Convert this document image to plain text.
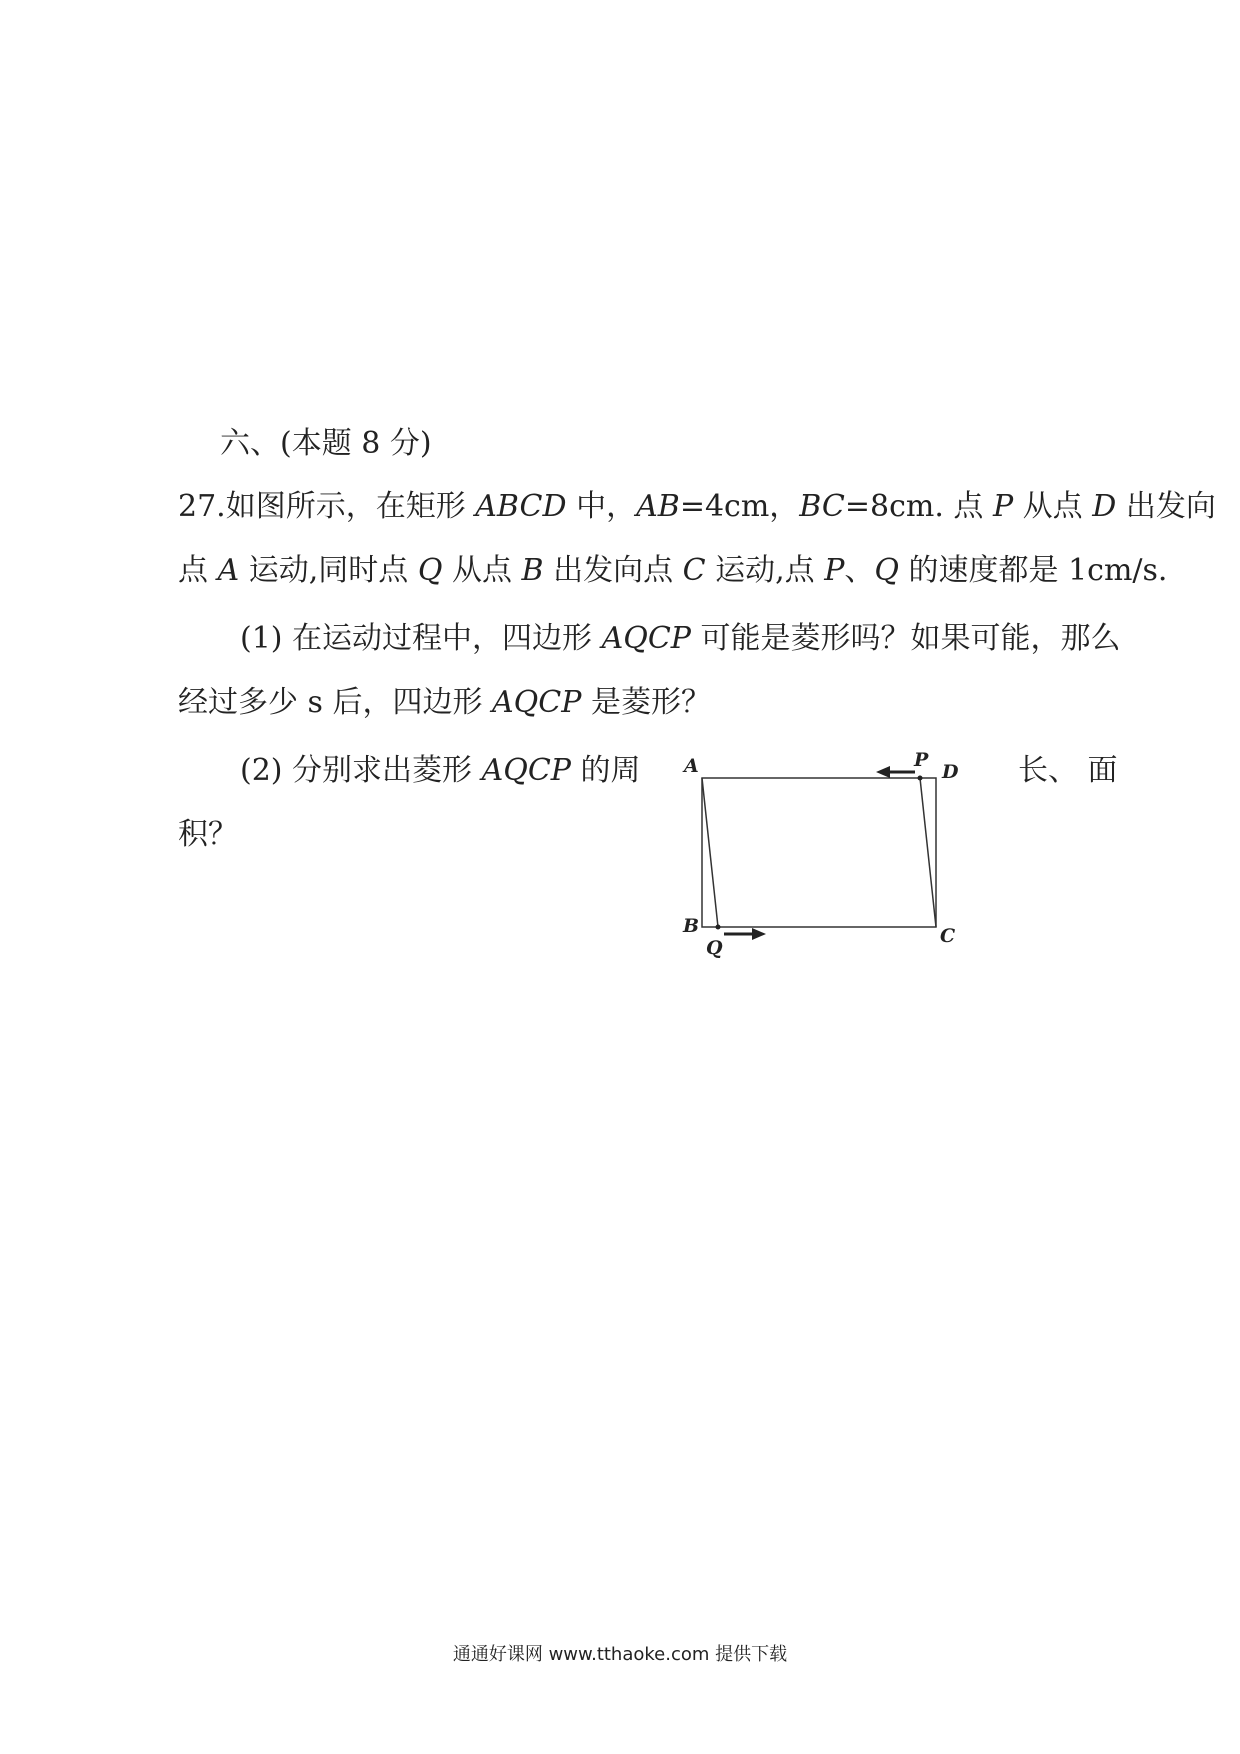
六、(本题 8 分)
27.如图所示，在矩形 ABCD 中，AB=4cm，BC=8cm. 点 P 从点 D 出发向
点 A 运动,同时点 Q 从点 B 出发向点 C 运动,点 P、Q 的速度都是 1cm/s.
(1) 在运动过程中，四边形 AQCP 可能是菱形吗？如果可能，那么
经过多少 s 后，四边形 AQCP 是菱形？
(2) 分别求出菱形 AQCP 的周	长、 面
积？
A	P
D
B
Q
C
通通好课网 www.tthaoke.com 提供下载
